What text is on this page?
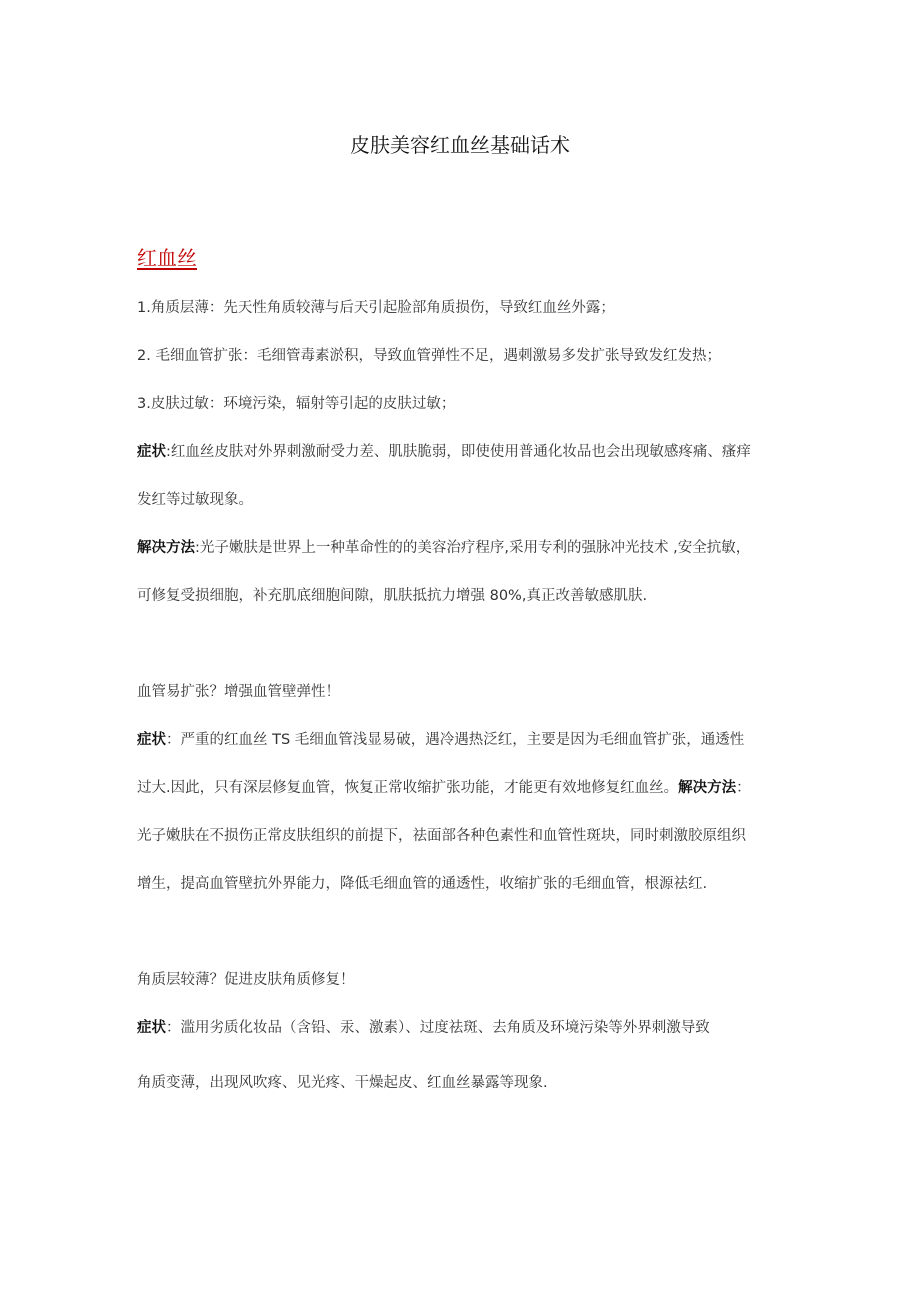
皮肤美容红血丝基础话术
红血丝
1.角质层薄：先天性角质较薄与后天引起脸部角质损伤，导致红血丝外露；
2. 毛细血管扩张：毛细管毒素淤积，导致血管弹性不足，遇刺激易多发扩张导致发红发热；
3.皮肤过敏：环境污染，辐射等引起的皮肤过敏；
症状:红血丝皮肤对外界刺激耐受力差、肌肤脆弱，即使使用普通化妆品也会出现敏感疼痛、瘙痒
发红等过敏现象。
解决方法:光子嫩肤是世界上一种革命性的的美容治疗程序,采用专利的强脉冲光技术 ,安全抗敏，
可修复受损细胞，补充肌底细胞间隙，肌肤抵抗力增强 80%,真正改善敏感肌肤.
血管易扩张？增强血管壁弹性！
症状：严重的红血丝 TS 毛细血管浅显易破，遇冷遇热泛红，主要是因为毛细血管扩张，通透性
过大.因此，只有深层修复血管，恢复正常收缩扩张功能，才能更有效地修复红血丝。解决方法：
光子嫩肤在不损伤正常皮肤组织的前提下，祛面部各种色素性和血管性斑块，同时刺激胶原组织
增生，提高血管壁抗外界能力，降低毛细血管的通透性，收缩扩张的毛细血管，根源祛红.
角质层较薄？促进皮肤角质修复！
症状：滥用劣质化妆品（含铅、汞、激素）、过度祛斑、去角质及环境污染等外界刺激导致
角质变薄，出现风吹疼、见光疼、干燥起皮、红血丝暴露等现象.
